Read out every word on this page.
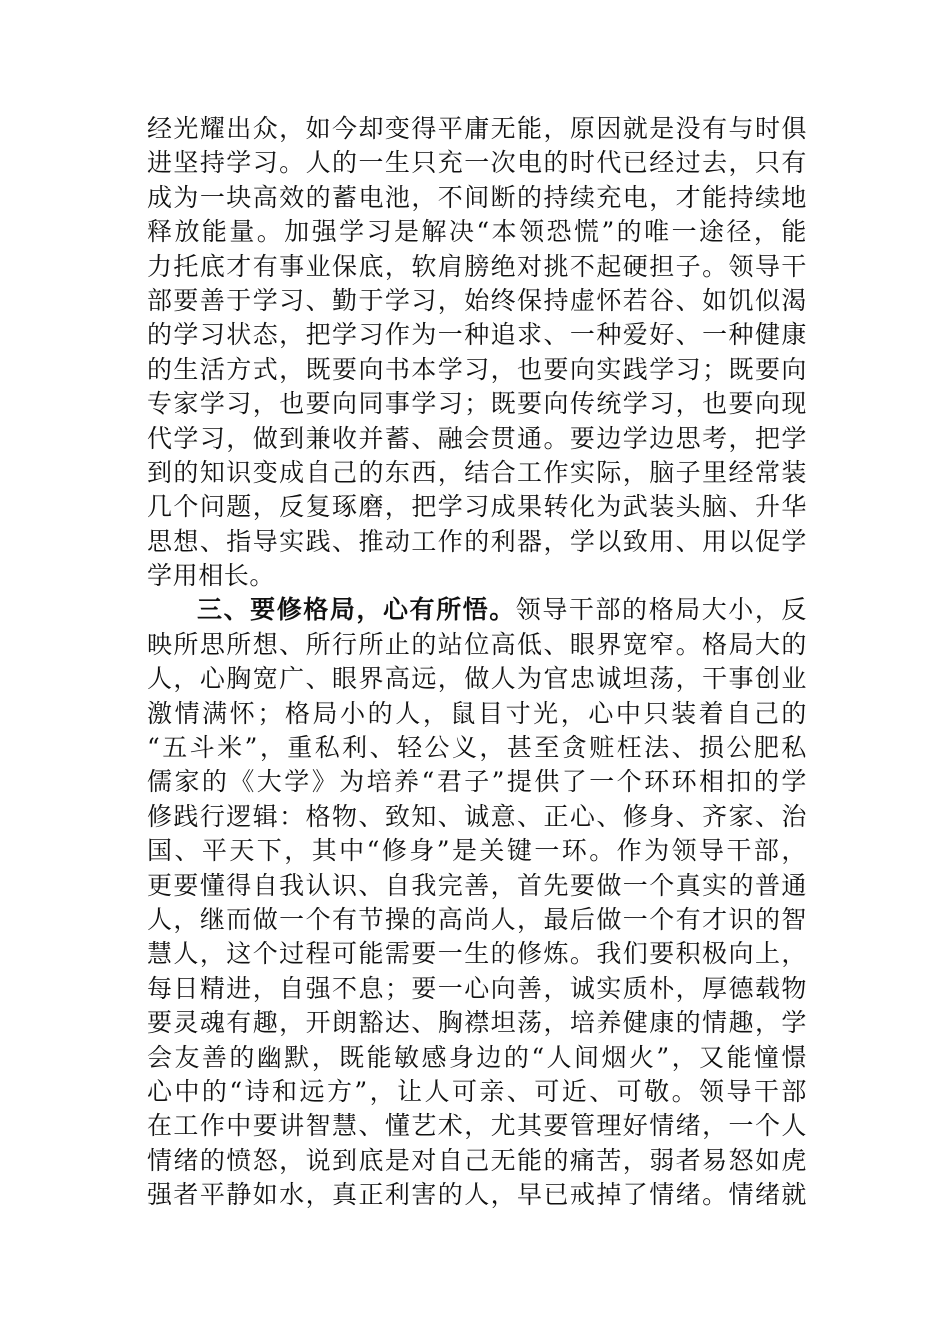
经光耀出众，如今却变得平庸无能，原因就是没有与时俱
进坚持学习。人的一生只充一次电的时代已经过去，只有
成为一块高效的蓄电池，不间断的持续充电，才能持续地
释放能量。加强学习是解决“本领恐慌”的唯一途径，能
力托底才有事业保底，软肩膀绝对挑不起硬担子。领导干
部要善于学习、勤于学习，始终保持虚怀若谷、如饥似渴
的学习状态，把学习作为一种追求、一种爱好、一种健康
的生活方式，既要向书本学习，也要向实践学习；既要向
专家学习，也要向同事学习；既要向传统学习，也要向现
代学习，做到兼收并蓄、融会贯通。要边学边思考，把学
到的知识变成自己的东西，结合工作实际，脑子里经常装
几个问题，反复琢磨，把学习成果转化为武装头脑、升华
思想、指导实践、推动工作的利器，学以致用、用以促学
学用相长。
三、要修格局，心有所悟。领导干部的格局大小，反
映所思所想、所行所止的站位高低、眼界宽窄。格局大的
人，心胸宽广、眼界高远，做人为官忠诚坦荡，干事创业
激情满怀；格局小的人，鼠目寸光，心中只装着自己的
“五斗米”，重私利、轻公义，甚至贪赃枉法、损公肥私
儒家的《大学》为培养“君子”提供了一个环环相扣的学
修践行逻辑：格物、致知、诚意、正心、修身、齐家、治
国、平天下，其中“修身”是关键一环。作为领导干部，
更要懂得自我认识、自我完善，首先要做一个真实的普通
人，继而做一个有节操的高尚人，最后做一个有才识的智
慧人，这个过程可能需要一生的修炼。我们要积极向上，
每日精进，自强不息；要一心向善，诚实质朴，厚德载物
要灵魂有趣，开朗豁达、胸襟坦荡，培养健康的情趣，学
会友善的幽默，既能敏感身边的“人间烟火”，又能憧憬
心中的“诗和远方”，让人可亲、可近、可敬。领导干部
在工作中要讲智慧、懂艺术，尤其要管理好情绪，一个人
情绪的愤怒，说到底是对自己无能的痛苦，弱者易怒如虎
强者平静如水，真正利害的人，早已戒掉了情绪。情绪就
